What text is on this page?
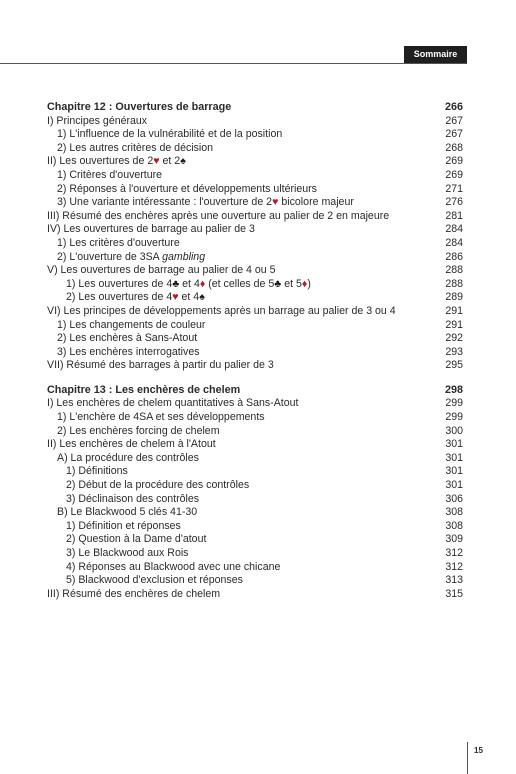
Sommaire
Chapitre 12 : Ouvertures de barrage	266
I) Principes généraux	267
1) L'influence de la vulnérabilité et de la position	267
2) Les autres critères de décision	268
II) Les ouvertures de 2♥ et 2♠	269
1) Critères d'ouverture	269
2) Réponses à l'ouverture et développements ultérieurs	271
3) Une variante intéressante : l'ouverture de 2♥ bicolore majeur	276
III) Résumé des enchères après une ouverture au palier de 2 en majeure	281
IV) Les ouvertures de barrage au palier de 3	284
1) Les critères d'ouverture	284
2) L'ouverture de 3SA gambling	286
V) Les ouvertures de barrage au palier de 4 ou 5	288
1) Les ouvertures de 4♣ et 4♦ (et celles de 5♣ et 5♦)	288
2) Les ouvertures de 4♥ et 4♠	289
VI) Les principes de développements après un barrage au palier de 3 ou 4	291
1) Les changements de couleur	291
2) Les enchères à Sans-Atout	292
3) Les enchères interrogatives	293
VII) Résumé des barrages à partir du palier de 3	295
Chapitre 13 : Les enchères de chelem	298
I) Les enchères de chelem quantitatives à Sans-Atout	299
1) L'enchère de 4SA et ses développements	299
2) Les enchères forcing de chelem	300
II) Les enchères de chelem à l'Atout	301
A) La procédure des contrôles	301
1) Définitions	301
2) Début de la procédure des contrôles	301
3) Déclinaison des contrôles	306
B) Le Blackwood 5 clés 41-30	308
1) Définition et réponses	308
2) Question à la Dame d'atout	309
3) Le Blackwood aux Rois	312
4) Réponses au Blackwood avec une chicane	312
5) Blackwood d'exclusion et réponses	313
III) Résumé des enchères de chelem	315
15
